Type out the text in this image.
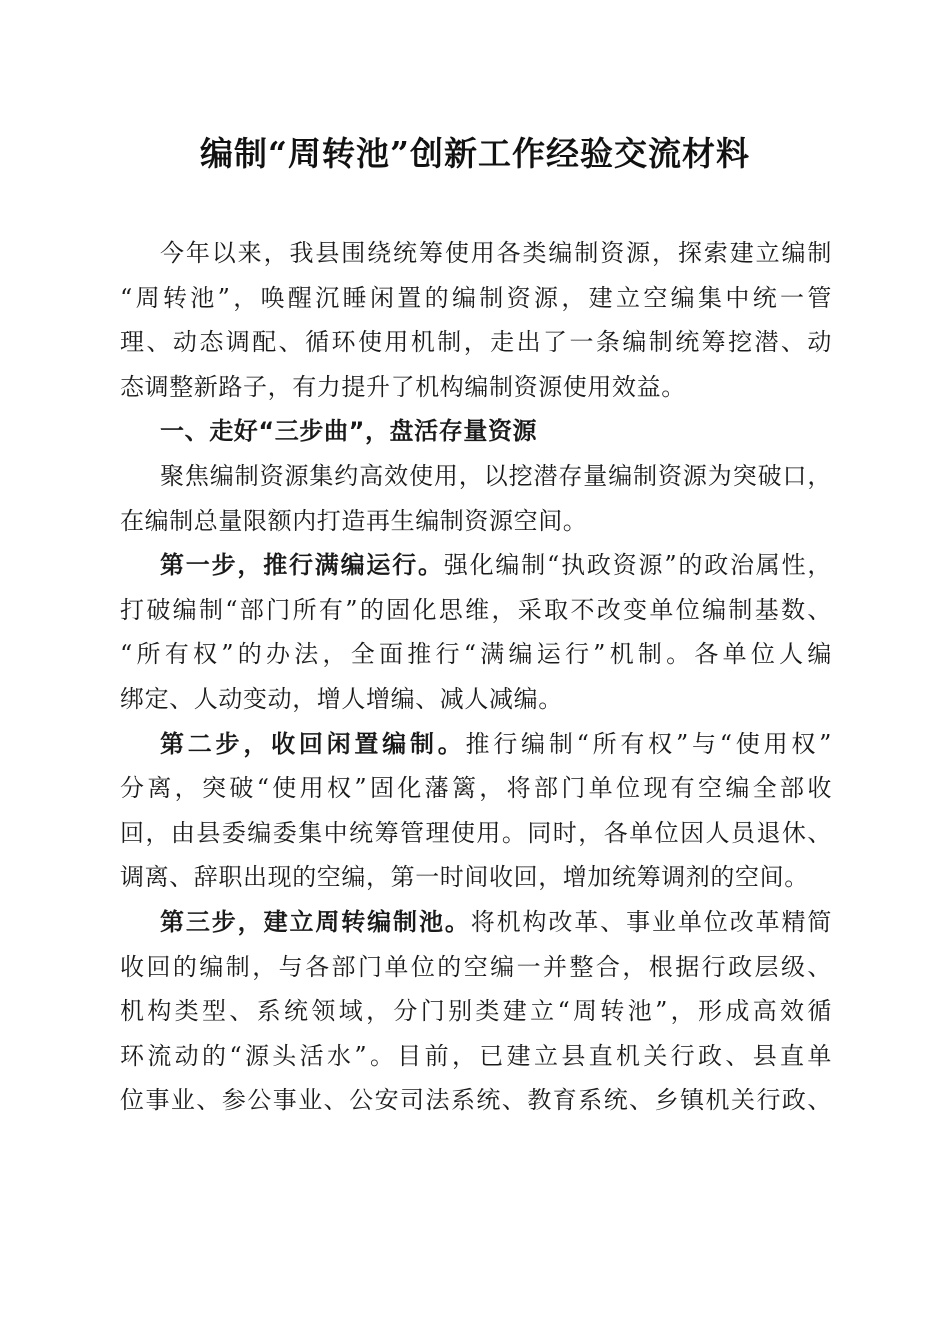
编制“周转池”创新工作经验交流材料
今年以来，我县围绕统筹使用各类编制资源，探索建立编制
“周转池”，唤醒沉睡闲置的编制资源，建立空编集中统一管
理、动态调配、循环使用机制，走出了一条编制统筹挖潜、动
态调整新路子，有力提升了机构编制资源使用效益。
一、走好“三步曲”，盘活存量资源
聚焦编制资源集约高效使用，以挖潜存量编制资源为突破口，
在编制总量限额内打造再生编制资源空间。
第一步，推行满编运行。强化编制“执政资源”的政治属性，
打破编制“部门所有”的固化思维，采取不改变单位编制基数、
“所有权”的办法，全面推行“满编运行”机制。各单位人编
绑定、人动变动，增人增编、减人减编。
第二步，收回闲置编制。推行编制“所有权”与“使用权”
分离，突破“使用权”固化藩篱，将部门单位现有空编全部收
回，由县委编委集中统筹管理使用。同时，各单位因人员退休、
调离、辞职出现的空编，第一时间收回，增加统筹调剂的空间。
第三步，建立周转编制池。将机构改革、事业单位改革精简
收回的编制，与各部门单位的空编一并整合，根据行政层级、
机构类型、系统领域，分门别类建立“周转池”，形成高效循
环流动的“源头活水”。目前，已建立县直机关行政、县直单
位事业、参公事业、公安司法系统、教育系统、乡镇机关行政、
